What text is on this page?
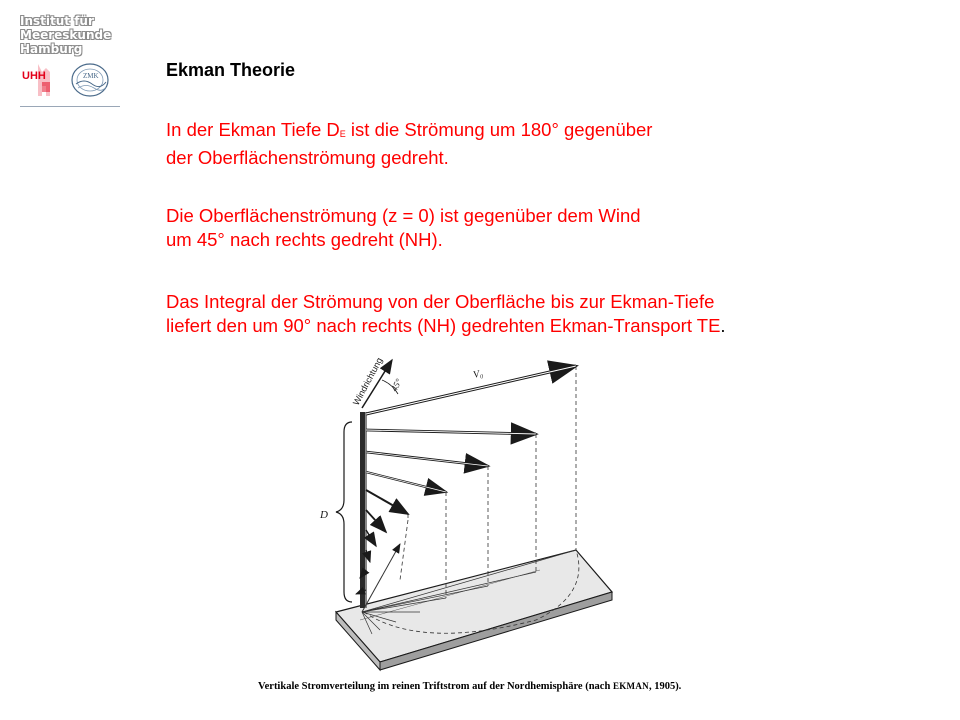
Institut für
Meereskunde
Hamburg
UHH	ZMK	Ekman Theorie

In der Ekman Tiefe DE ist die Strömung um 180° gegenüber
der Oberflächenströmung gedreht.

Die Oberflächenströmung (z = 0) ist gegenüber dem Wind
um 45° nach rechts gedreht (NH).

Das Integral der Strömung von der Oberfläche bis zur Ekman-Tiefe
liefert den um 90° nach rechts (NH) gedrehten Ekman-Transport TE.

D
Windrichtung 45°
V₀
Vertikale Stromverteilung im reinen Triftstrom auf der Nordhemisphäre (nach EKMAN, 1905).
